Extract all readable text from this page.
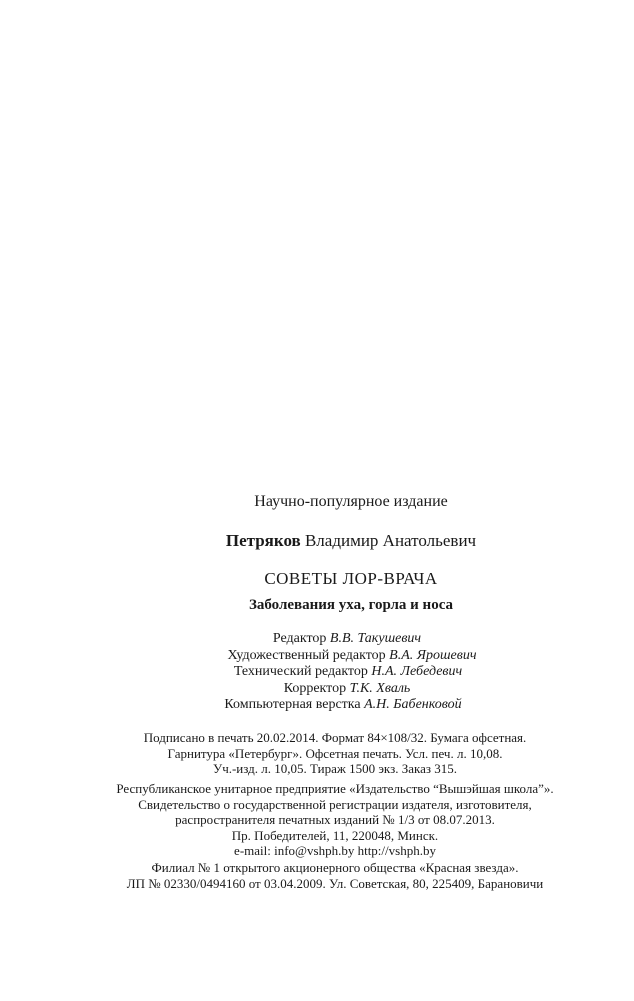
Научно-популярное издание
Петряков Владимир Анатольевич
СОВЕТЫ ЛОР-ВРАЧА
Заболевания уха, горла и носа
Редактор В.В. Такушевич
Художественный редактор В.А. Ярошевич
Технический редактор Н.А. Лебедевич
Корректор Т.К. Хваль
Компьютерная верстка А.Н. Бабенковой
Подписано в печать 20.02.2014. Формат 84×108/32. Бумага офсетная.
Гарнитура «Петербург». Офсетная печать. Усл. печ. л. 10,08.
Уч.-изд. л. 10,05. Тираж 1500 экз. Заказ 315.
Республиканское унитарное предприятие «Издательство “Вышэйшая школа”».
Свидетельство о государственной регистрации издателя, изготовителя,
распространителя печатных изданий № 1/3 от 08.07.2013.
Пр. Победителей, 11, 220048, Минск.
e-mail: info@vshph.by http://vshph.by
Филиал № 1 открытого акционерного общества «Красная звезда».
ЛП № 02330/0494160 от 03.04.2009. Ул. Советская, 80, 225409, Барановичи
